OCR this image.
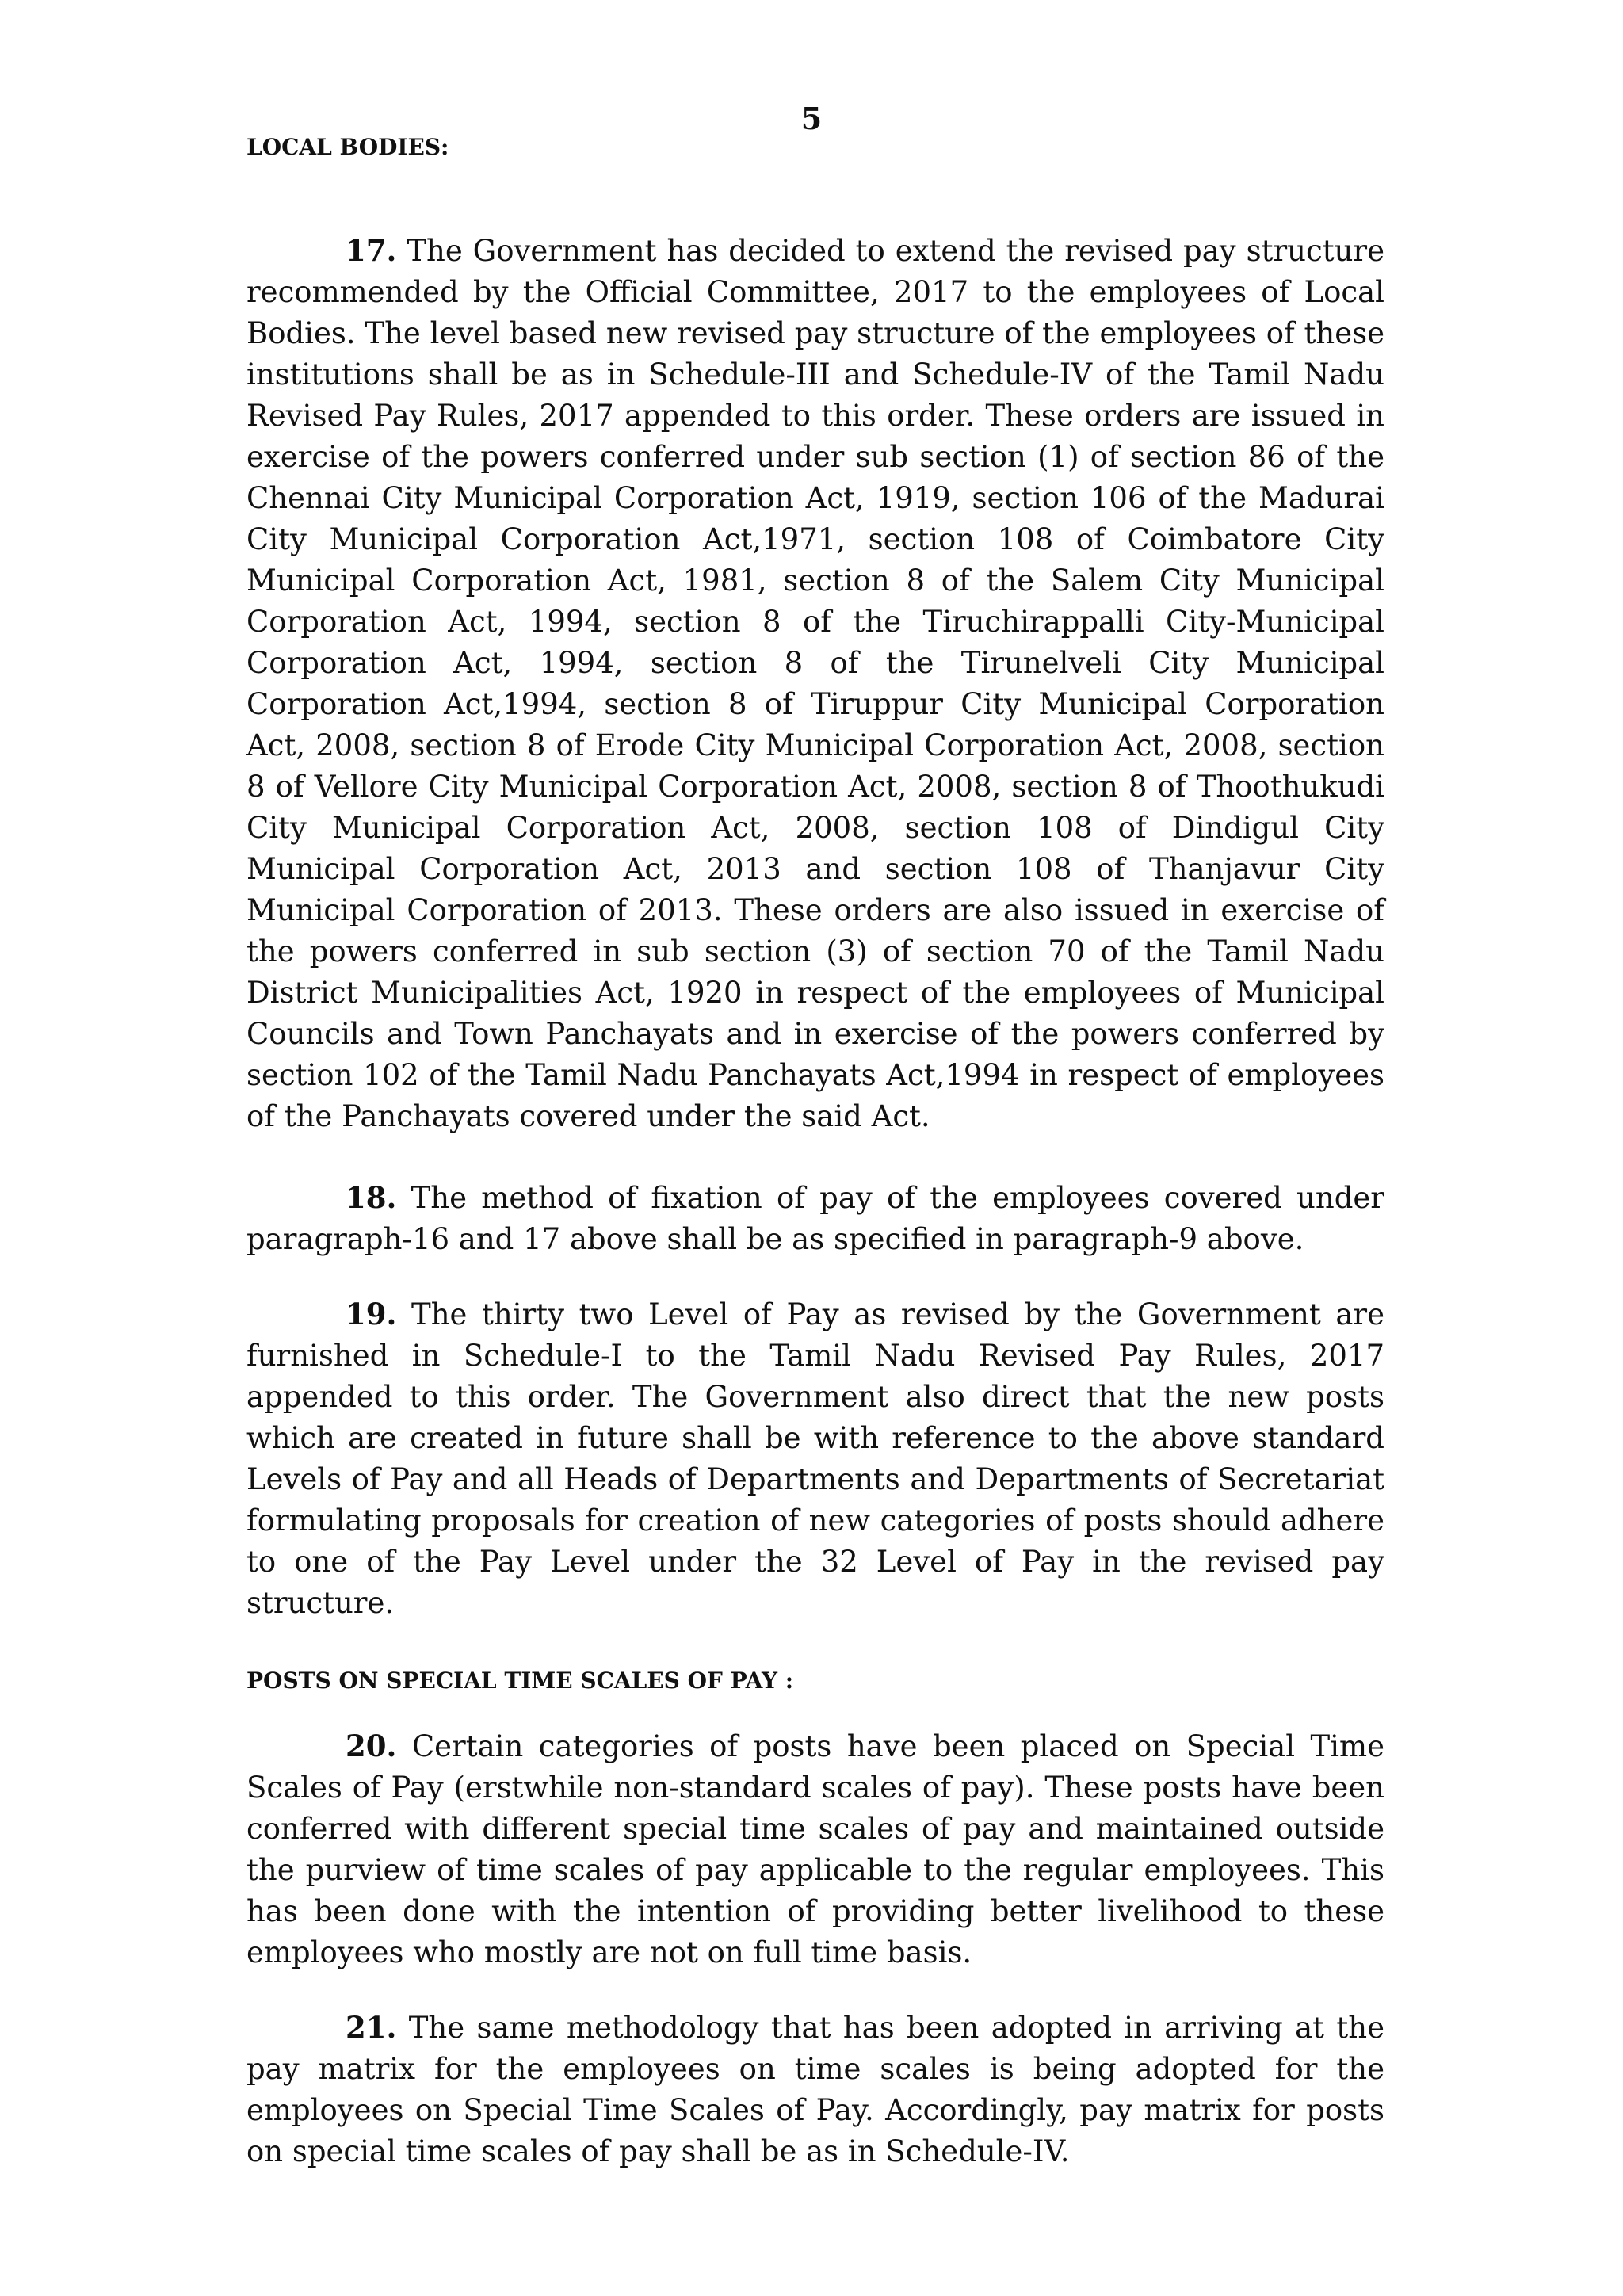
5

LOCAL BODIES:

17. The Government has decided to extend the revised pay structure recommended by the Official Committee, 2017 to the employees of Local Bodies. The level based new revised pay structure of the employees of these institutions shall be as in Schedule-III and Schedule-IV of the Tamil Nadu Revised Pay Rules, 2017 appended to this order. These orders are issued in exercise of the powers conferred under sub section (1) of section 86 of the Chennai City Municipal Corporation Act, 1919, section 106 of the Madurai City Municipal Corporation Act,1971, section 108 of Coimbatore City Municipal Corporation Act, 1981, section 8 of the Salem City Municipal Corporation Act, 1994, section 8 of the Tiruchirappalli City-Municipal Corporation Act, 1994, section 8 of the Tirunelveli City Municipal Corporation Act,1994, section 8 of Tiruppur City Municipal Corporation Act, 2008, section 8 of Erode City Municipal Corporation Act, 2008, section 8 of Vellore City Municipal Corporation Act, 2008, section 8 of Thoothukudi City Municipal Corporation Act, 2008, section 108 of Dindigul City Municipal Corporation Act, 2013 and section 108 of Thanjavur City Municipal Corporation of 2013. These orders are also issued in exercise of the powers conferred in sub section (3) of section 70 of the Tamil Nadu District Municipalities Act, 1920 in respect of the employees of Municipal Councils and Town Panchayats and in exercise of the powers conferred by section 102 of the Tamil Nadu Panchayats Act,1994 in respect of employees of the Panchayats covered under the said Act.

18. The method of fixation of pay of the employees covered under paragraph-16 and 17 above shall be as specified in paragraph-9 above.

19. The thirty two Level of Pay as revised by the Government are furnished in Schedule-I to the Tamil Nadu Revised Pay Rules, 2017 appended to this order. The Government also direct that the new posts which are created in future shall be with reference to the above standard Levels of Pay and all Heads of Departments and Departments of Secretariat formulating proposals for creation of new categories of posts should adhere to one of the Pay Level under the 32 Level of Pay in the revised pay structure.

POSTS ON SPECIAL TIME SCALES OF PAY :

20. Certain categories of posts have been placed on Special Time Scales of Pay (erstwhile non-standard scales of pay). These posts have been conferred with different special time scales of pay and maintained outside the purview of time scales of pay applicable to the regular employees. This has been done with the intention of providing better livelihood to these employees who mostly are not on full time basis.

21. The same methodology that has been adopted in arriving at the pay matrix for the employees on time scales is being adopted for the employees on Special Time Scales of Pay. Accordingly, pay matrix for posts on special time scales of pay shall be as in Schedule-IV.
